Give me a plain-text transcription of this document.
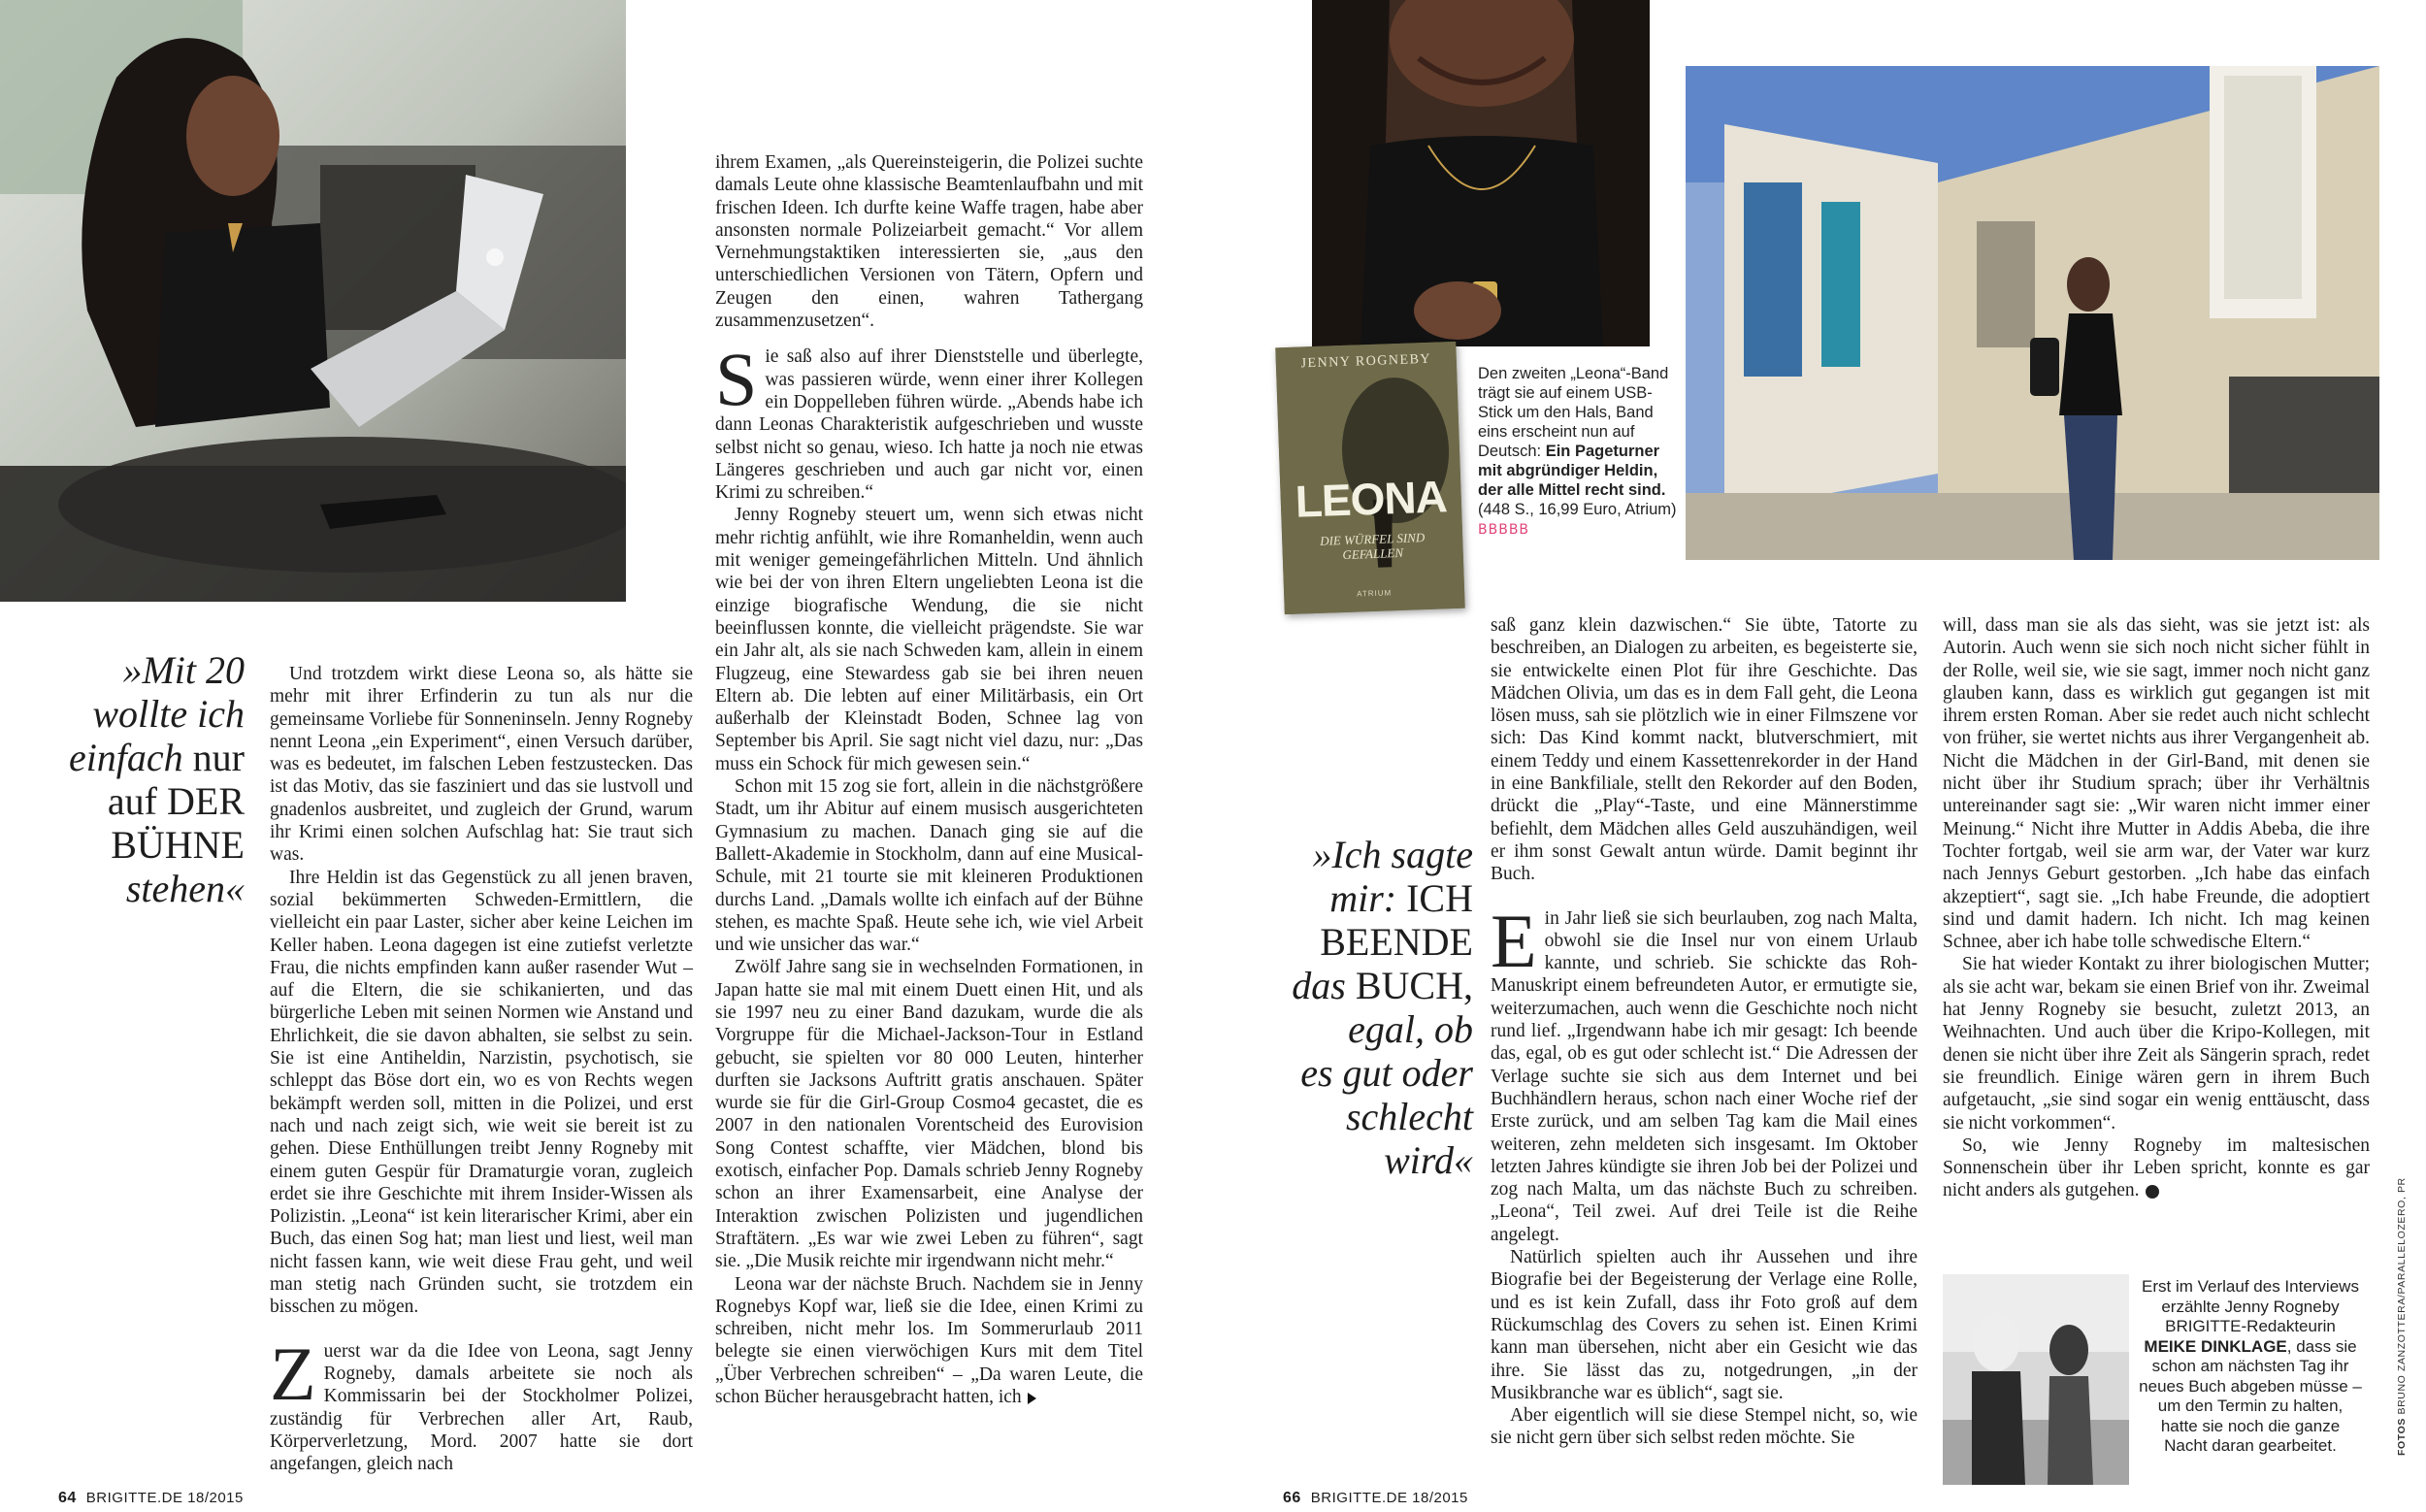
»Mit 20
wollte ich
einfach nur
auf DER
BÜHNE
stehen«

Und trotzdem wirkt diese Leona so, als hätte sie mehr mit ihrer Erfinderin zu tun als nur die gemeinsame Vorliebe für Sonneninseln. Jenny Rogneby nennt Leona „ein Experiment“, einen Versuch darüber, was es bedeutet, im falschen Leben festzustecken. Das ist das Motiv, das sie fasziniert und das sie lustvoll und gnadenlos ausbreitet, und zugleich der Grund, warum ihr Krimi einen solchen Aufschlag hat: Sie traut sich was.

Ihre Heldin ist das Gegenstück zu all jenen braven, sozial bekümmerten Schweden-Ermittlern, die vielleicht ein paar Laster, sicher aber keine Leichen im Keller haben. Leona dagegen ist eine zutiefst verletzte Frau, die nichts empfinden kann außer rasender Wut – auf die Eltern, die sie schikanierten, und das bürgerliche Leben mit seinen Normen wie Anstand und Ehrlichkeit, die sie davon abhalten, sie selbst zu sein. Sie ist eine Antiheldin, Narzistin, psychotisch, sie schleppt das Böse dort ein, wo es von Rechts wegen bekämpft werden soll, mitten in die Polizei, und erst nach und nach zeigt sich, wie weit sie bereit ist zu gehen. Diese Enthüllungen treibt Jenny Rogneby mit einem guten Gespür für Dramaturgie voran, zugleich erdet sie ihre Geschichte mit ihrem Insider-Wissen als Polizistin. „Leona“ ist kein literarischer Krimi, aber ein Buch, das einen Sog hat; man liest und liest, weil man nicht fassen kann, wie weit diese Frau geht, und weil man stetig nach Gründen sucht, sie trotzdem ein bisschen zu mögen.

Zuerst war da die Idee von Leona, sagt Jenny Rogneby, damals arbeitete sie noch als Kommissarin bei der Stockholmer Polizei, zuständig für Verbrechen aller Art, Raub, Körperverletzung, Mord. 2007 hatte sie dort angefangen, gleich nach

ihrem Examen, „als Quereinsteigerin, die Polizei suchte damals Leute ohne klassische Beamtenlaufbahn und mit frischen Ideen. Ich durfte keine Waffe tragen, habe aber ansonsten normale Polizeiarbeit gemacht.“ Vor allem Vernehmungstaktiken interessierten sie, „aus den unterschiedlichen Versionen von Tätern, Opfern und Zeugen den einen, wahren Tathergang zusammenzusetzen“.

Sie saß also auf ihrer Dienststelle und überlegte, was passieren würde, wenn einer ihrer Kollegen ein Doppelleben führen würde. „Abends habe ich dann Leonas Charakteristik aufgeschrieben und wusste selbst nicht so genau, wieso. Ich hatte ja noch nie etwas Längeres geschrieben und auch gar nicht vor, einen Krimi zu schreiben.“

Jenny Rogneby steuert um, wenn sich etwas nicht mehr richtig anfühlt, wie ihre Romanheldin, wenn auch mit weniger gemeingefährlichen Mitteln. Und ähnlich wie bei der von ihren Eltern ungeliebten Leona ist die einzige biografische Wendung, die sie nicht beeinflussen konnte, die vielleicht prägendste. Sie war ein Jahr alt, als sie nach Schweden kam, allein in einem Flugzeug, eine Stewardess gab sie bei ihren neuen Eltern ab. Die lebten auf einer Militärbasis, ein Ort außerhalb der Kleinstadt Boden, Schnee lag von September bis April. Sie sagt nicht viel dazu, nur: „Das muss ein Schock für mich gewesen sein.“

Schon mit 15 zog sie fort, allein in die nächstgrößere Stadt, um ihr Abitur auf einem musisch ausgerichteten Gymnasium zu machen. Danach ging sie auf die Ballett-Akademie in Stockholm, dann auf eine Musical-Schule, mit 21 tourte sie mit kleineren Produktionen durchs Land. „Damals wollte ich einfach auf der Bühne stehen, es machte Spaß. Heute sehe ich, wie viel Arbeit und wie unsicher das war.“

Zwölf Jahre sang sie in wechselnden Formationen, in Japan hatte sie mal mit einem Duett einen Hit, und als sie 1997 neu zu einer Band dazukam, wurde die als Vorgruppe für die Michael-Jackson-Tour in Estland gebucht, sie spielten vor 80 000 Leuten, hinterher durften sie Jacksons Auftritt gratis anschauen. Später wurde sie für die Girl-Group Cosmo4 gecastet, die es 2007 in den nationalen Vorentscheid des Eurovision Song Contest schaffte, vier Mädchen, blond bis exotisch, einfacher Pop. Damals schrieb Jenny Rogneby schon an ihrer Examensarbeit, eine Analyse der Interaktion zwischen Polizisten und jugendlichen Straftätern. „Es war wie zwei Leben zu führen“, sagt sie. „Die Musik reichte mir irgendwann nicht mehr.“

Leona war der nächste Bruch. Nachdem sie in Jenny Rognebys Kopf war, ließ sie die Idee, einen Krimi zu schreiben, nicht mehr los. Im Sommerurlaub 2011 belegte sie einen vierwöchigen Kurs mit dem Titel „Über Verbrechen schreiben“ – „Da waren Leute, die schon Bücher herausgebracht hatten, ich

64 BRIGITTE.DE 18/2015
JENNY ROGNEBY
LEONA
DIE WÜRFEL SIND GEFALLEN
ATRIUM
Den zweiten „Leona“-Band trägt sie auf einem USB-Stick um den Hals, Band eins erscheint nun auf Deutsch: Ein Pageturner mit abgründiger Heldin, der alle Mittel recht sind. (448 S., 16,99 Euro, Atrium) BBBBB
»Ich sagte
mir: ICH
BEENDE
das BUCH,
egal, ob
es gut oder
schlecht
wird«

saß ganz klein dazwischen.“ Sie übte, Tatorte zu beschreiben, an Dialogen zu arbeiten, es begeisterte sie, sie entwickelte einen Plot für ihre Geschichte. Das Mädchen Olivia, um das es in dem Fall geht, die Leona lösen muss, sah sie plötzlich wie in einer Filmszene vor sich: Das Kind kommt nackt, blutverschmiert, mit einem Teddy und einem Kassettenrekorder in der Hand in eine Bankfiliale, stellt den Rekorder auf den Boden, drückt die „Play“-Taste, und eine Männerstimme befiehlt, dem Mädchen alles Geld auszuhändigen, weil er ihm sonst Gewalt antun würde. Damit beginnt ihr Buch.

Ein Jahr ließ sie sich beurlauben, zog nach Malta, obwohl sie die Insel nur von einem Urlaub kannte, und schrieb. Sie schickte das Roh-Manuskript einem befreundeten Autor, er ermutigte sie, weiterzumachen, auch wenn die Geschichte noch nicht rund lief. „Irgendwann habe ich mir gesagt: Ich beende das, egal, ob es gut oder schlecht ist.“ Die Adressen der Verlage suchte sie sich aus dem Internet und bei Buchhändlern heraus, schon nach einer Woche rief der Erste zurück, und am selben Tag kam die Mail eines weiteren, zehn meldeten sich insgesamt. Im Oktober letzten Jahres kündigte sie ihren Job bei der Polizei und zog nach Malta, um das nächste Buch zu schreiben. „Leona“, Teil zwei. Auf drei Teile ist die Reihe angelegt.

Natürlich spielten auch ihr Aussehen und ihre Biografie bei der Begeisterung der Verlage eine Rolle, und es ist kein Zufall, dass ihr Foto groß auf dem Rückumschlag des Covers zu sehen ist. Einen Krimi kann man übersehen, nicht aber ein Gesicht wie das ihre. Sie lässt das zu, notgedrungen, „in der Musikbranche war es üblich“, sagt sie.

Aber eigentlich will sie diese Stempel nicht, so, wie sie nicht gern über sich selbst reden möchte. Sie

will, dass man sie als das sieht, was sie jetzt ist: als Autorin. Auch wenn sie sich noch nicht sicher fühlt in der Rolle, weil sie, wie sie sagt, immer noch nicht ganz glauben kann, dass es wirklich gut gegangen ist mit ihrem ersten Roman. Aber sie redet auch nicht schlecht von früher, sie wertet nichts aus ihrer Vergangenheit ab. Nicht die Mädchen in der Girl-Band, mit denen sie nicht über ihr Studium sprach; über ihr Verhältnis untereinander sagt sie: „Wir waren nicht immer einer Meinung.“ Nicht ihre Mutter in Addis Abeba, die ihre Tochter fortgab, weil sie arm war, der Vater war kurz nach Jennys Geburt gestorben. „Ich habe das einfach akzeptiert“, sagt sie. „Ich habe Freunde, die adoptiert sind und damit hadern. Ich nicht. Ich mag keinen Schnee, aber ich habe tolle schwedische Eltern.“

Sie hat wieder Kontakt zu ihrer biologischen Mutter; als sie acht war, bekam sie einen Brief von ihr. Zweimal hat Jenny Rogneby sie besucht, zuletzt 2013, an Weihnachten. Und auch über die Kripo-Kollegen, mit denen sie nicht über ihre Zeit als Sängerin sprach, redet sie freundlich. Einige wären gern in ihrem Buch aufgetaucht, „sie sind sogar ein wenig enttäuscht, dass sie nicht vorkommen“.

So, wie Jenny Rogneby im maltesischen Sonnenschein über ihr Leben spricht, konnte es gar nicht anders als gutgehen.

Erst im Verlauf des Interviews erzählte Jenny Rogneby BRIGITTE-Redakteurin MEIKE DINKLAGE, dass sie schon am nächsten Tag ihr neues Buch abgeben müsse – um den Termin zu halten, hatte sie noch die ganze Nacht daran gearbeitet.	FOTOS BRUNO ZANZOTTERA/PARALLELOZERO, PR
66 BRIGITTE.DE 18/2015
